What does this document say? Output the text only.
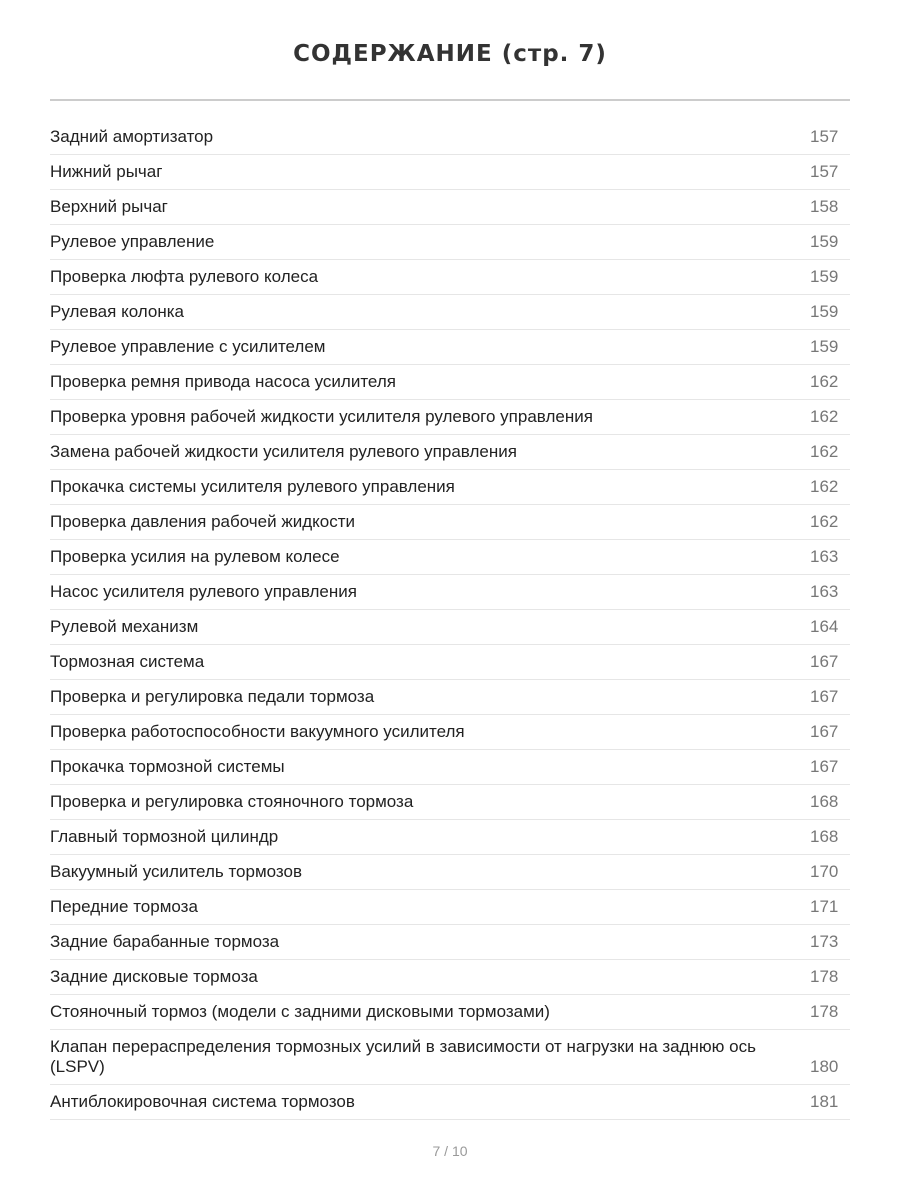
СОДЕРЖАНИЕ (стр. 7)
Задний амортизатор	157
Нижний рычаг	157
Верхний рычаг	158
Рулевое управление	159
Проверка люфта рулевого колеса	159
Рулевая колонка	159
Рулевое управление с усилителем	159
Проверка ремня привода насоса усилителя	162
Проверка уровня рабочей жидкости усилителя рулевого управления	162
Замена рабочей жидкости усилителя рулевого управления	162
Прокачка системы усилителя рулевого управления	162
Проверка давления рабочей жидкости	162
Проверка усилия на рулевом колесе	163
Насос усилителя рулевого управления	163
Рулевой механизм	164
Тормозная система	167
Проверка и регулировка педали тормоза	167
Проверка работоспособности вакуумного усилителя	167
Прокачка тормозной системы	167
Проверка и регулировка стояночного тормоза	168
Главный тормозной цилиндр	168
Вакуумный усилитель тормозов	170
Передние тормоза	171
Задние барабанные тормоза	173
Задние дисковые тормоза	178
Стояночный тормоз (модели с задними дисковыми тормозами)	178
Клапан перераспределения тормозных усилий в зависимости от нагрузки на заднюю ось (LSPV)	180
Антиблокировочная система тормозов	181
7 / 10
